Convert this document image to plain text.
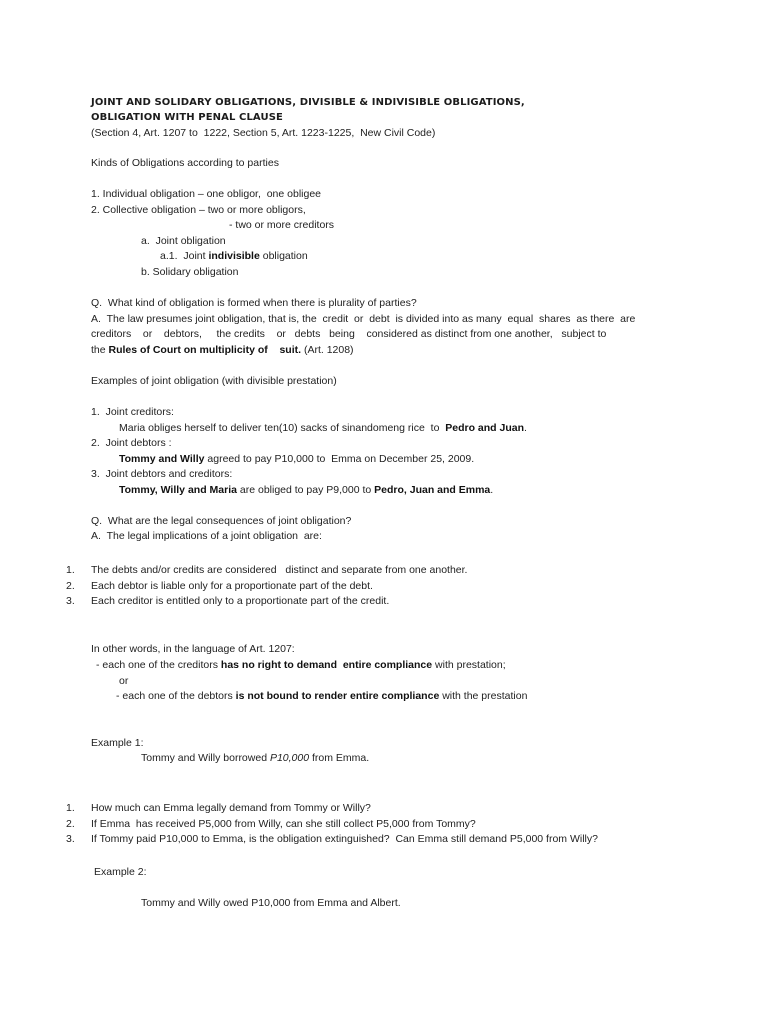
JOINT AND SOLIDARY OBLIGATIONS, DIVISIBLE & INDIVISIBLE OBLIGATIONS,
OBLIGATION WITH PENAL CLAUSE
(Section 4, Art. 1207 to  1222, Section 5, Art. 1223-1225,  New Civil Code)
Kinds of Obligations according to parties
1. Individual obligation – one obligor,  one obligee
2. Collective obligation – two or more obligors,
- two or more creditors
a.  Joint obligation
a.1.  Joint indivisible obligation
b. Solidary obligation
Q.  What kind of obligation is formed when there is plurality of parties?
A.  The law presumes joint obligation, that is, the  credit  or  debt  is divided into as many  equal  shares  as there  are
creditors    or    debtors,     the credits    or   debts   being    considered as distinct from one another,   subject to
the Rules of Court on multiplicity of suit. (Art. 1208)
Examples of joint obligation (with divisible prestation)
1.  Joint creditors:
Maria obliges herself to deliver ten(10) sacks of sinandomeng rice  to  Pedro and Juan.
2.  Joint debtors :
Tommy and Willy agreed to pay P10,000 to  Emma on December 25, 2009.
3.  Joint debtors and creditors:
Tommy, Willy and Maria are obliged to pay P9,000 to Pedro, Juan and Emma.
Q.  What are the legal consequences of joint obligation?
A.  The legal implications of a joint obligation  are:
1. The debts and/or credits are considered   distinct and separate from one another.
2. Each debtor is liable only for a proportionate part of the debt.
3. Each creditor is entitled only to a proportionate part of the credit.
In other words, in the language of Art. 1207:
- each one of the creditors has no right to demand  entire compliance with prestation;
or
- each one of the debtors is not bound to render entire compliance with the prestation
Example 1:
Tommy and Willy borrowed P10,000 from Emma.
1. How much can Emma legally demand from Tommy or Willy?
2. If Emma  has received P5,000 from Willy, can she still collect P5,000 from Tommy?
3. If Tommy paid P10,000 to Emma, is the obligation extinguished?  Can Emma still demand P5,000 from Willy?
Example 2:
Tommy and Willy owed P10,000 from Emma and Albert.
